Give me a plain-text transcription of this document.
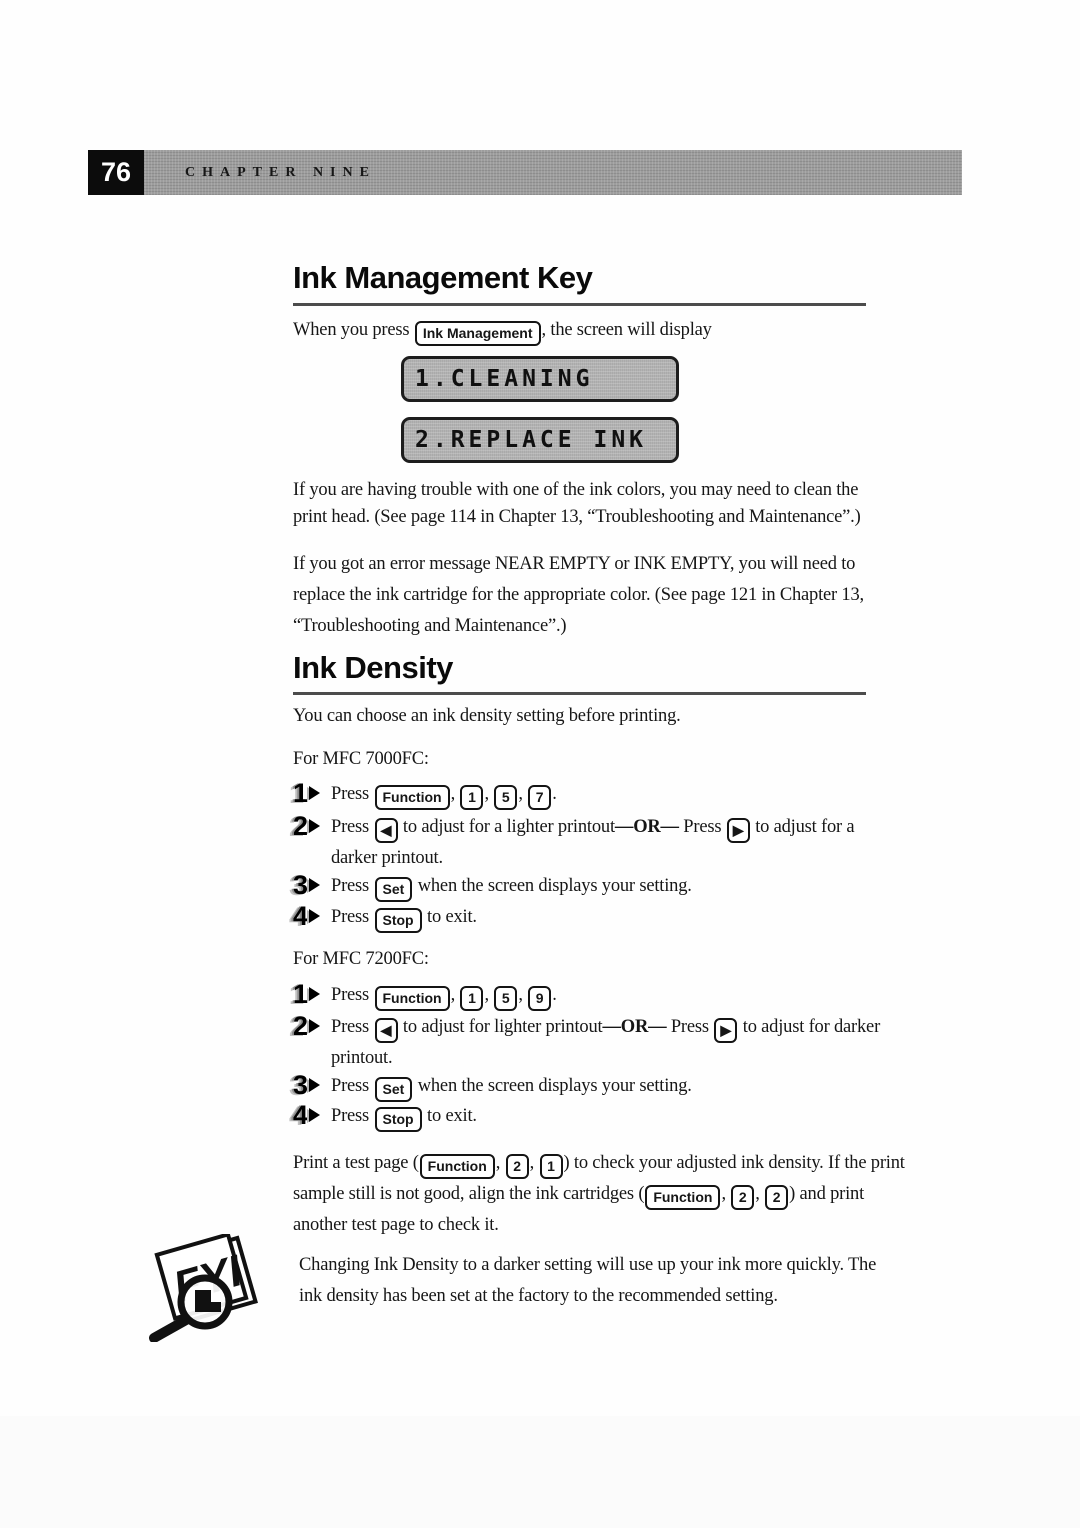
76	CHAPTER NINE
Ink Management Key
When you press Ink Management , the screen will display
1.CLEANING
2.REPLACE INK
If you are having trouble with one of the ink colors, you may need to clean the
print head. (See page 114 in Chapter 13, “Troubleshooting and Maintenance”.)
If you got an error message NEAR EMPTY or INK EMPTY, you will need to
replace the ink cartridge for the appropriate color. (See page 121 in Chapter 13,
“Troubleshooting and Maintenance”.)
Ink Density
You can choose an ink density setting before printing.
For MFC 7000FC:
1 Press Function , 1 , 5 , 7 .
2 Press ◀ to adjust for a lighter printout—OR— Press ▶ to adjust for a
darker printout.
3 Press Set when the screen displays your setting.
4 Press Stop to exit.
For MFC 7200FC:
1 Press Function , 1 , 5 , 9 .
2 Press ◀ to adjust for lighter printout—OR— Press ▶ to adjust for darker
printout.
3 Press Set when the screen displays your setting.
4 Press Stop to exit.
Print a test page ( Function , 2 , 1 ) to check your adjusted ink density. If the print
sample still is not good, align the ink cartridges ( Function , 2 , 2 ) and print
another test page to check it.
Changing Ink Density to a darker setting will use up your ink more quickly. The
ink density has been set at the factory to the recommended setting.
